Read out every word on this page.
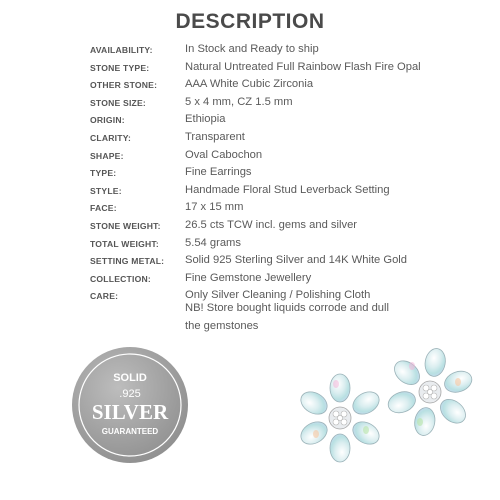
DESCRIPTION
AVAILABILITY:	In Stock and Ready to ship
STONE TYPE:	Natural Untreated Full Rainbow Flash Fire Opal
OTHER STONE: AAA White Cubic Zirconia
STONE SIZE:	5 x 4 mm, CZ 1.5 mm
ORIGIN:	Ethiopia
CLARITY:	Transparent
SHAPE:	Oval Cabochon
TYPE:	Fine Earrings
STYLE:	Handmade Floral Stud Leverback Setting
FACE:	17 x 15 mm
STONE WEIGHT: 26.5 cts TCW incl. gems and silver
TOTAL WEIGHT: 5.54 grams
SETTING METAL: Solid 925 Sterling Silver and 14K White Gold
COLLECTION:	Fine Gemstone Jewellery
CARE:	Only Silver Cleaning / Polishing Cloth
NB! Store bought liquids corrode and dull
the gemstones
SOLID
.925
SILVER
GUARANTEED
